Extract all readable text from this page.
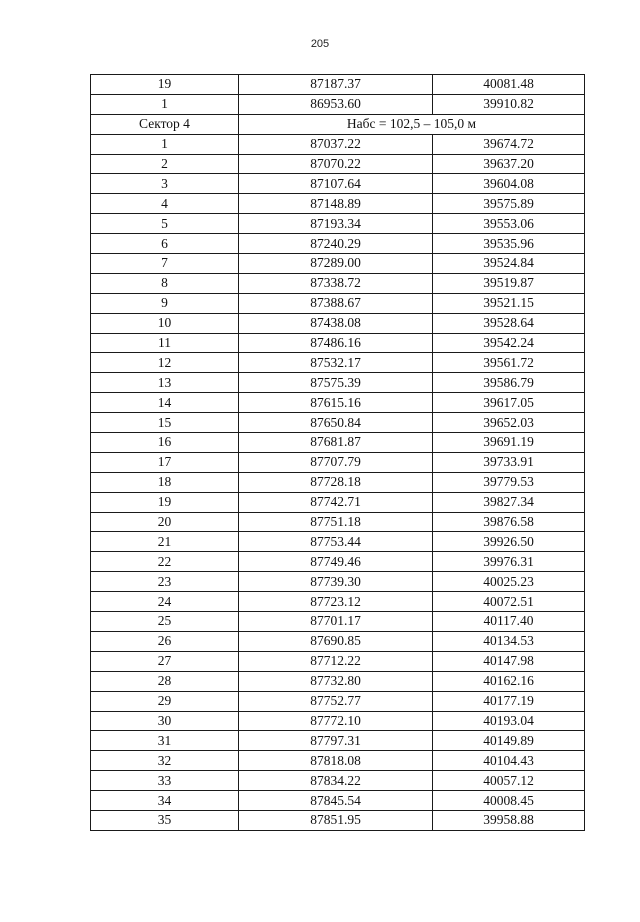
205
19	87187.37	40081.48
1	86953.60	39910.82
Сектор 4	Набс = 102,5 – 105,0 м	
1	87037.22	39674.72
2	87070.22	39637.20
3	87107.64	39604.08
4	87148.89	39575.89
5	87193.34	39553.06
6	87240.29	39535.96
7	87289.00	39524.84
8	87338.72	39519.87
9	87388.67	39521.15
10	87438.08	39528.64
11	87486.16	39542.24
12	87532.17	39561.72
13	87575.39	39586.79
14	87615.16	39617.05
15	87650.84	39652.03
16	87681.87	39691.19
17	87707.79	39733.91
18	87728.18	39779.53
19	87742.71	39827.34
20	87751.18	39876.58
21	87753.44	39926.50
22	87749.46	39976.31
23	87739.30	40025.23
24	87723.12	40072.51
25	87701.17	40117.40
26	87690.85	40134.53
27	87712.22	40147.98
28	87732.80	40162.16
29	87752.77	40177.19
30	87772.10	40193.04
31	87797.31	40149.89
32	87818.08	40104.43
33	87834.22	40057.12
34	87845.54	40008.45
35	87851.95	39958.88
